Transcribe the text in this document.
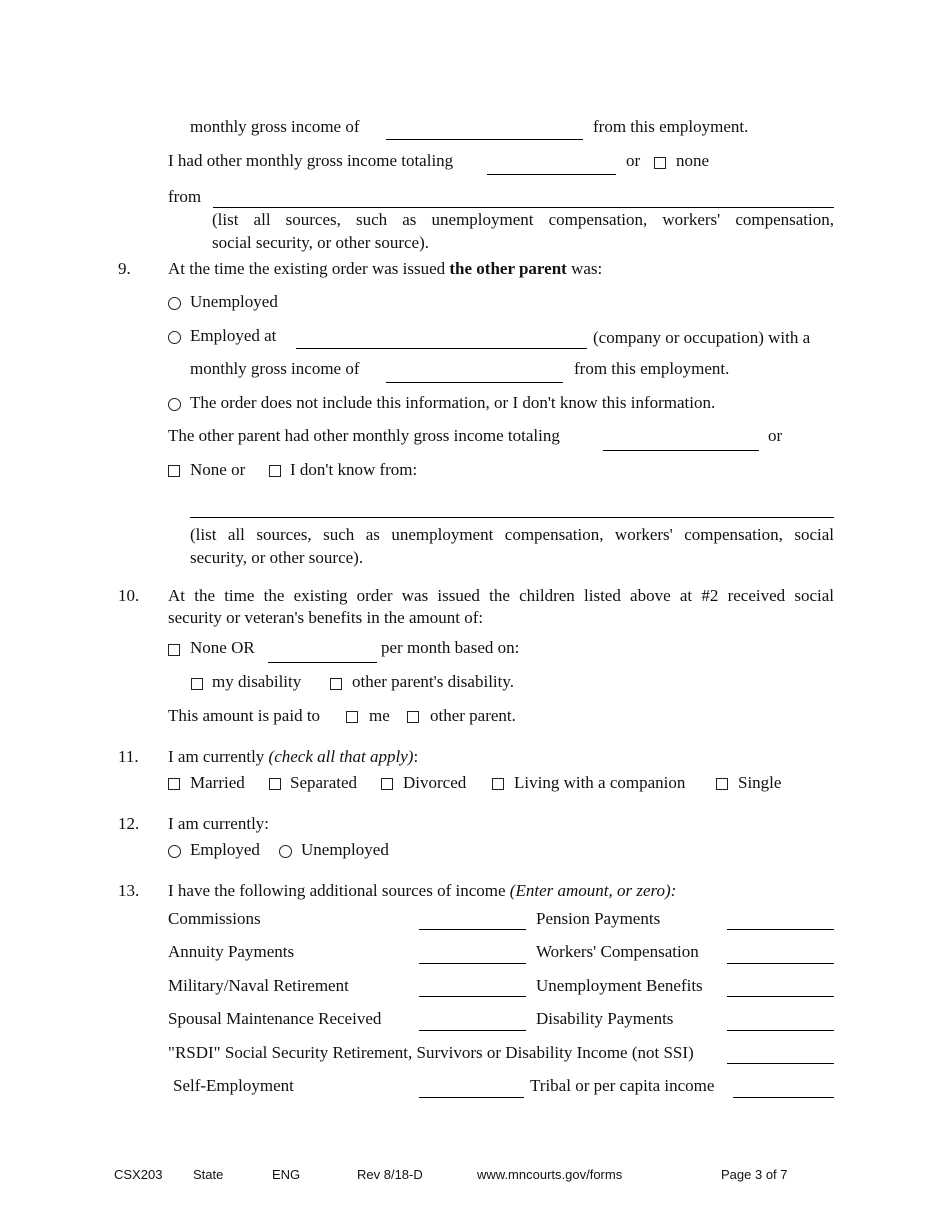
monthly gross income of	from this employment.
I had other monthly gross income totaling	or none
from
(list all sources, such as unemployment compensation, workers' compensation,
social security, or other source).
9. At the time the existing order was issued the other parent was:
Unemployed
Employed at	(company or occupation) with a
monthly gross income of	from this employment.
The order does not include this information, or I don't know this information.
The other parent had other monthly gross income totaling	or
None or	I don't know from:
(list all sources, such as unemployment compensation, workers' compensation, social
security, or other source).
10. At the time the existing order was issued the children listed above at #2 received social
security or veteran's benefits in the amount of:
None OR	per month based on:
my disability	other parent's disability.
This amount is paid to	me other parent.
11. I am currently (check all that apply):
Married	Separated	Divorced	Living with a companion	Single
12. I am currently:
Employed Unemployed
13. I have the following additional sources of income (Enter amount, or zero):
Commissions	Pension Payments
Annuity Payments	Workers' Compensation
Military/Naval Retirement	Unemployment Benefits
Spousal Maintenance Received	Disability Payments
"RSDI" Social Security Retirement, Survivors or Disability Income (not SSI)
Self-Employment	Tribal or per capita income
CSX203 State	ENG	Rev 8/18-D	www.mncourts.gov/forms	Page 3 of 7
